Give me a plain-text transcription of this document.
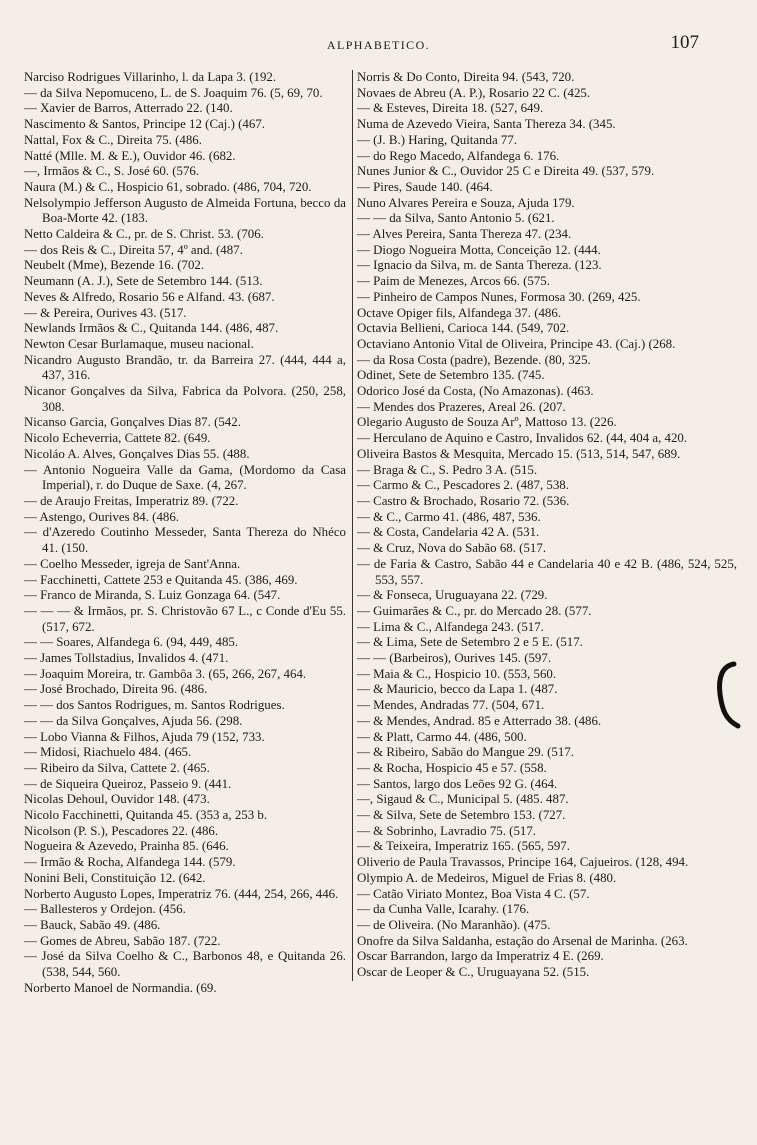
ALPHABETICO.	107

Narciso Rodrigues Villarinho, l. da Lapa 3. (192.

— da Silva Nepomuceno, L. de S. Joaquim 76. (5, 69, 70.

— Xavier de Barros, Atterrado 22. (140.

Nascimento & Santos, Principe 12 (Caj.) (467.

Nattal, Fox & C., Direita 75. (486.

Natté (Mlle. M. & E.), Ouvidor 46. (682.

—, Irmãos & C., S. José 60. (576.

Naura (M.) & C., Hospicio 61, sobrado. (486, 704, 720.

Nelsolympio Jefferson Augusto de Almeida Fortuna, becco da Boa-Morte 42. (183.

Netto Caldeira & C., pr. de S. Christ. 53. (706.

— dos Reis & C., Direita 57, 4º and. (487.

Neubelt (Mme), Bezende 16. (702.

Neumann (A. J.), Sete de Setembro 144. (513.

Neves & Alfredo, Rosario 56 e Alfand. 43. (687.

— & Pereira, Ourives 43. (517.

Newlands Irmãos & C., Quitanda 144. (486, 487.

Newton Cesar Burlamaque, museu nacional.

Nicandro Augusto Brandão, tr. da Barreira 27. (444, 444 a, 437, 316.

Nicanor Gonçalves da Silva, Fabrica da Polvora. (250, 258, 308.

Nicanso Garcia, Gonçalves Dias 87. (542.

Nicolo Echeverria, Cattete 82. (649.

Nicoláo A. Alves, Gonçalves Dias 55. (488.

— Antonio Nogueira Valle da Gama, (Mordomo da Casa Imperial), r. do Duque de Saxe. (4, 267.

— de Araujo Freitas, Imperatriz 89. (722.

— Astengo, Ourives 84. (486.

— d'Azeredo Coutinho Messeder, Santa Thereza do Nhéco 41. (150.

— Coelho Messeder, igreja de Sant'Anna.

— Facchinetti, Cattete 253 e Quitanda 45. (386, 469.

— Franco de Miranda, S. Luiz Gonzaga 64. (547.

— — — & Irmãos, pr. S. Christovão 67 L., c Conde d'Eu 55. (517, 672.

— — Soares, Alfandega 6. (94, 449, 485.

— James Tollstadius, Invalidos 4. (471.

— Joaquim Moreira, tr. Gambôa 3. (65, 266, 267, 464.

— José Brochado, Direita 96. (486.

— — dos Santos Rodrigues, m. Santos Rodrigues.

— — da Silva Gonçalves, Ajuda 56. (298.

— Lobo Vianna & Filhos, Ajuda 79 (152, 733.

— Midosi, Riachuelo 484. (465.

— Ribeiro da Silva, Cattete 2. (465.

— de Siqueira Queiroz, Passeio 9. (441.

Nicolas Dehoul, Ouvidor 148. (473.

Nicolo Facchinetti, Quitanda 45. (353 a, 253 b.

Nicolson (P. S.), Pescadores 22. (486.

Nogueira & Azevedo, Prainha 85. (646.

— Irmão & Rocha, Alfandega 144. (579.

Nonini Beli, Constituição 12. (642.

Norberto Augusto Lopes, Imperatriz 76. (444, 254, 266, 446.

— Ballesteros y Ordejon. (456.

— Bauck, Sabão 49. (486.

— Gomes de Abreu, Sabão 187. (722.

— José da Silva Coelho & C., Barbonos 48, e Quitanda 26. (538, 544, 560.

Norberto Manoel de Normandia. (69.

Norris & Do Conto, Direita 94. (543, 720.

Novaes de Abreu (A. P.), Rosario 22 C. (425.

— & Esteves, Direita 18. (527, 649.

Numa de Azevedo Vieira, Santa Thereza 34. (345.

— (J. B.) Haring, Quitanda 77.

— do Rego Macedo, Alfandega 6. 176.

Nunes Junior & C., Ouvidor 25 C e Direita 49. (537, 579.

— Pires, Saude 140. (464.

Nuno Alvares Pereira e Souza, Ajuda 179.

— — da Silva, Santo Antonio 5. (621.

— Alves Pereira, Santa Thereza 47. (234.

— Diogo Nogueira Motta, Conceição 12. (444.

— Ignacio da Silva, m. de Santa Thereza. (123.

— Paim de Menezes, Arcos 66. (575.

— Pinheiro de Campos Nunes, Formosa 30. (269, 425.

Octave Opiger fils, Alfandega 37. (486.

Octavia Bellieni, Carioca 144. (549, 702.

Octaviano Antonio Vital de Oliveira, Principe 43. (Caj.) (268.

— da Rosa Costa (padre), Bezende. (80, 325.

Odinet, Sete de Setembro 135. (745.

Odorico José da Costa, (No Amazonas). (463.

— Mendes dos Prazeres, Areal 26. (207.

Olegario Augusto de Souza Arº, Mattoso 13. (226.

— Herculano de Aquino e Castro, Invalidos 62. (44, 404 a, 420.

Oliveira Bastos & Mesquita, Mercado 15. (513, 514, 547, 689.

— Braga & C., S. Pedro 3 A. (515.

— Carmo & C., Pescadores 2. (487, 538.

— Castro & Brochado, Rosario 72. (536.

— & C., Carmo 41. (486, 487, 536.

— & Costa, Candelaria 42 A. (531.

— & Cruz, Nova do Sabão 68. (517.

— de Faria & Castro, Sabão 44 e Candelaria 40 e 42 B. (486, 524, 525, 553, 557.

— & Fonseca, Uruguayana 22. (729.

— Guimarães & C., pr. do Mercado 28. (577.

— Lima & C., Alfandega 243. (517.

— & Lima, Sete de Setembro 2 e 5 E. (517.

— — (Barbeiros), Ourives 145. (597.

— Maia & C., Hospicio 10. (553, 560.

— & Mauricio, becco da Lapa 1. (487.

— Mendes, Andradas 77. (504, 671.

— & Mendes, Andrad. 85 e Atterrado 38. (486.

— & Platt, Carmo 44. (486, 500.

— & Ribeiro, Sabão do Mangue 29. (517.

— & Rocha, Hospicio 45 e 57. (558.

— Santos, largo dos Leões 92 G. (464.

—, Sigaud & C., Municipal 5. (485. 487.

— & Silva, Sete de Setembro 153. (727.

— & Sobrinho, Lavradio 75. (517.

— & Teixeira, Imperatriz 165. (565, 597.

Oliverio de Paula Travassos, Principe 164, Cajueiros. (128, 494.

Olympio A. de Medeiros, Miguel de Frias 8. (480.

— Catão Viriato Montez, Boa Vista 4 C. (57.

— da Cunha Valle, Icarahy. (176.

— de Oliveira. (No Maranhão). (475.

Onofre da Silva Saldanha, estação do Arsenal de Marinha. (263.

Oscar Barrandon, largo da Imperatriz 4 E. (269.

Oscar de Leoper & C., Uruguayana 52. (515.
